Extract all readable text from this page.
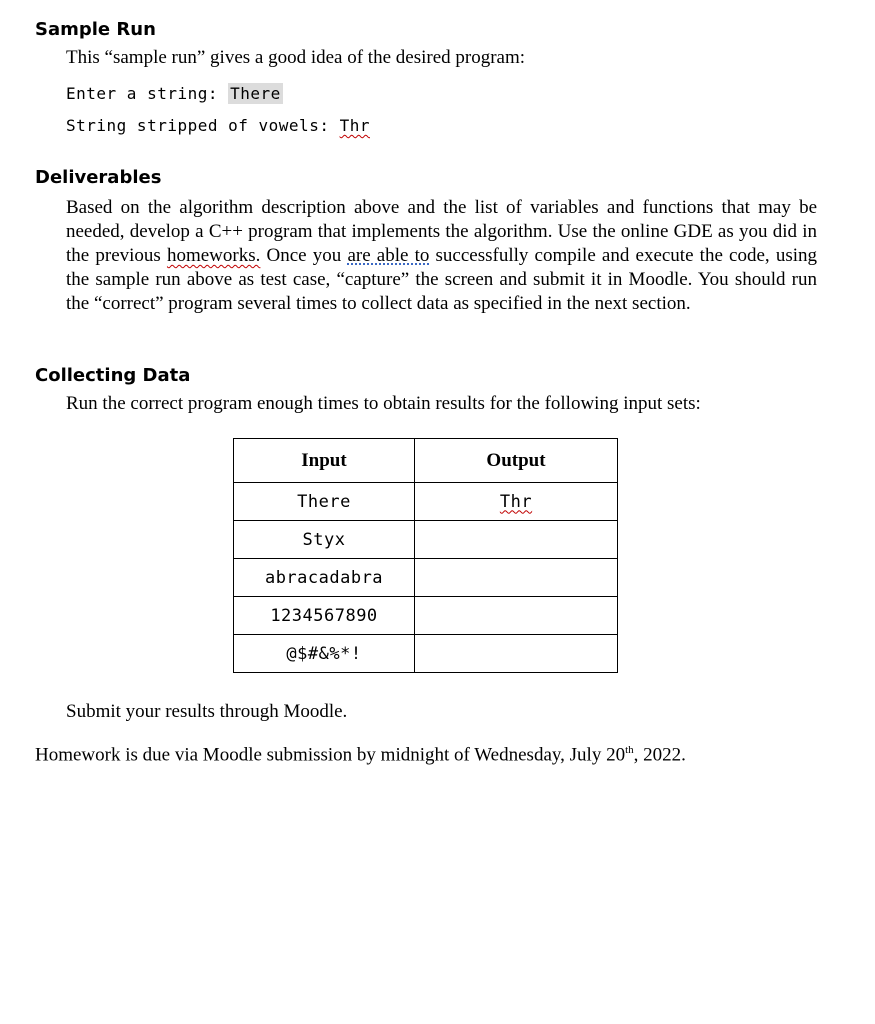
Sample Run

This “sample run” gives a good idea of the desired program:

Enter a string: There

String stripped of vowels: Thr

Deliverables

Based on the algorithm description above and the list of variables and functions that may be needed, develop a C++ program that implements the algorithm. Use the online GDE as you did in the previous homeworks. Once you are able to successfully compile and execute the code, using the sample run above as test case, “capture” the screen and submit it in Moodle. You should run the “correct” program several times to collect data as specified in the next section.

Collecting Data

Run the correct program enough times to obtain results for the following input sets:

Input	Output
There	Thr
Styx	
abracadabra	
1234567890	
@$#&%*!	

Submit your results through Moodle.

Homework is due via Moodle submission by midnight of Wednesday, July 20th, 2022.
